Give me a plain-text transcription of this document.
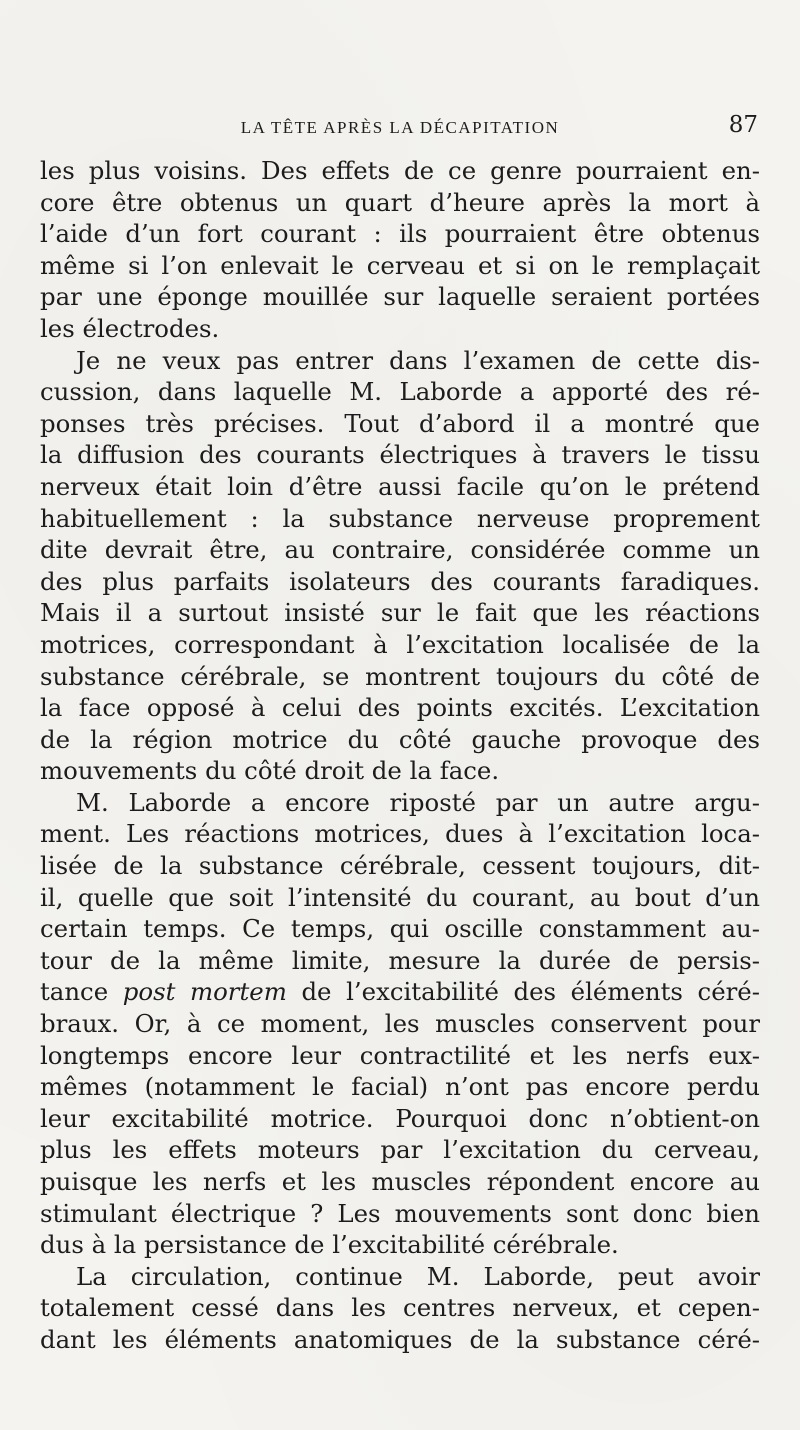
LA TÊTE APRÈS LA DÉCAPITATION	87
les plus voisins. Des effets de ce genre pourraient en-
core être obtenus un quart d’heure après la mort à
l’aide d’un fort courant : ils pourraient être obtenus
même si l’on enlevait le cerveau et si on le remplaçait
par une éponge mouillée sur laquelle seraient portées
les électrodes.
Je ne veux pas entrer dans l’examen de cette dis-
cussion, dans laquelle M. Laborde a apporté des ré-
ponses très précises. Tout d’abord il a montré que
la diffusion des courants électriques à travers le tissu
nerveux était loin d’être aussi facile qu’on le prétend
habituellement : la substance nerveuse proprement
dite devrait être, au contraire, considérée comme un
des plus parfaits isolateurs des courants faradiques.
Mais il a surtout insisté sur le fait que les réactions
motrices, correspondant à l’excitation localisée de la
substance cérébrale, se montrent toujours du côté de
la face opposé à celui des points excités. L’excitation
de la région motrice du côté gauche provoque des
mouvements du côté droit de la face.
M. Laborde a encore riposté par un autre argu-
ment. Les réactions motrices, dues à l’excitation loca-
lisée de la substance cérébrale, cessent toujours, dit-
il, quelle que soit l’intensité du courant, au bout d’un
certain temps. Ce temps, qui oscille constamment au-
tour de la même limite, mesure la durée de persis-
tance post mortem de l’excitabilité des éléments céré-
braux. Or, à ce moment, les muscles conservent pour
longtemps encore leur contractilité et les nerfs eux-
mêmes (notamment le facial) n’ont pas encore perdu
leur excitabilité motrice. Pourquoi donc n’obtient-on
plus les effets moteurs par l’excitation du cerveau,
puisque les nerfs et les muscles répondent encore au
stimulant électrique ? Les mouvements sont donc bien
dus à la persistance de l’excitabilité cérébrale.
La circulation, continue M. Laborde, peut avoir
totalement cessé dans les centres nerveux, et cepen-
dant les éléments anatomiques de la substance céré-
